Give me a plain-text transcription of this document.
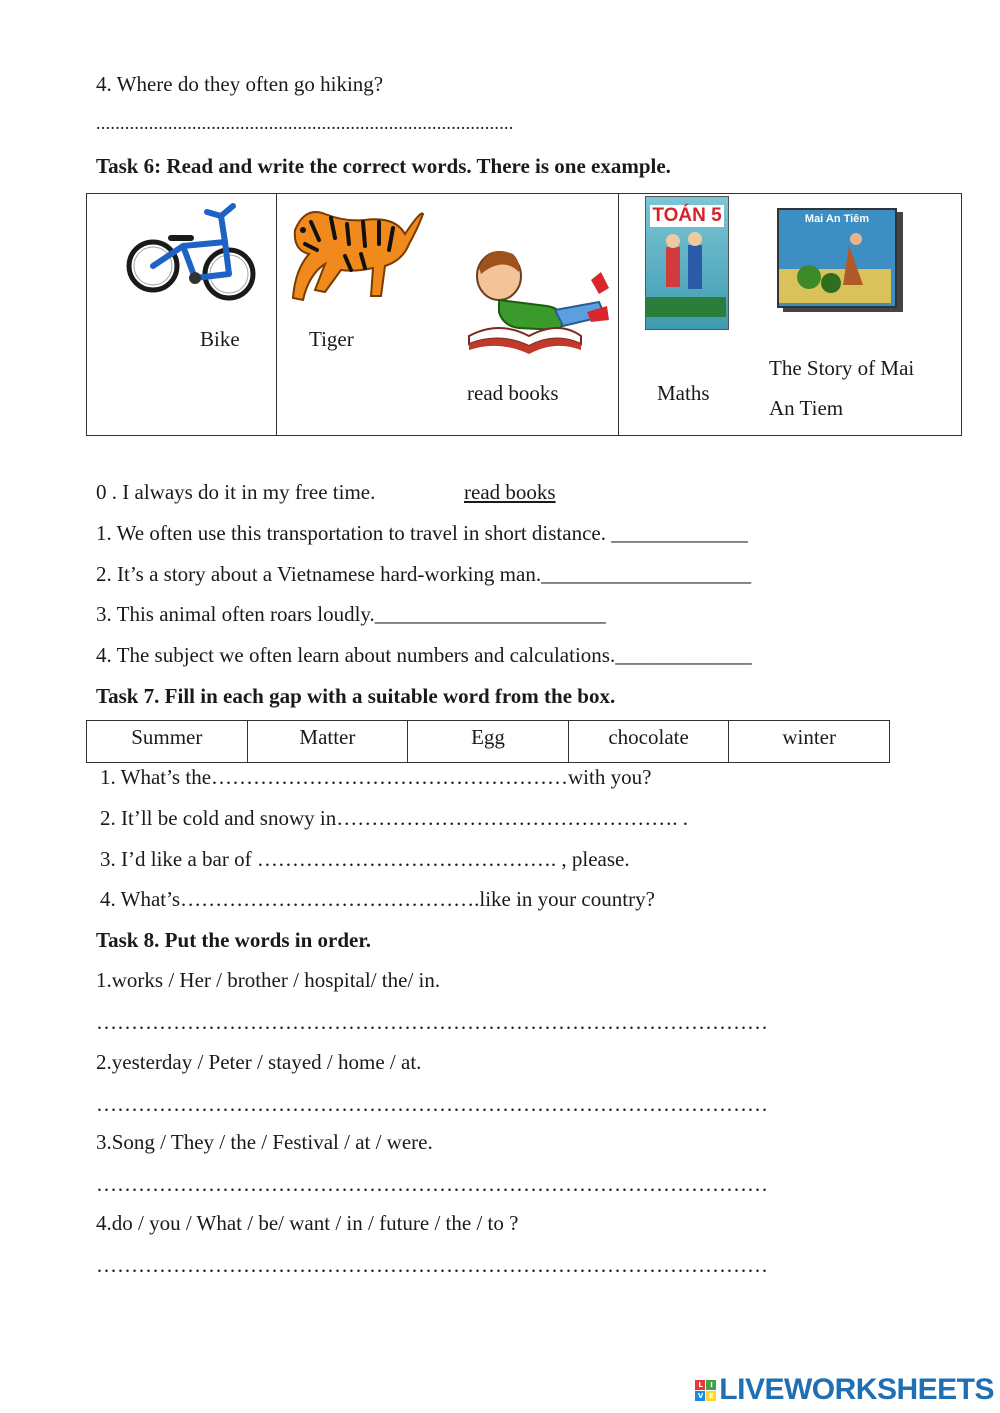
4. Where do they often go hiking?
.......................................................................................
Task 6: Read and write the correct words. There is one example.
Bike	Tiger
read books
TOÁN 5
Maths
Mai An Tiêm
The Story of Mai
An Tiem
0 . I always do it in my free time.	read books
1. We often use this transportation to travel in short distance. _____________
2. It’s a story about a Vietnamese hard-working man.____________________
3. This animal often roars loudly.______________________
4. The subject we often learn about numbers and calculations._____________
Task 7. Fill in each gap with a suitable word from the box.
Summer	Matter	Egg	chocolate	winter
1. What’s the……………………………………………with you?
2. It’ll be cold and snowy in…………………………………………. .
3. I’d like a bar of ……………………………………. , please.
4. What’s…………………………………….like in your country?
Task 8. Put the words in order.
1.works / Her / brother / hospital/ the/ in.
……………………………………………………………………………………
2.yesterday / Peter / stayed / home / at.
……………………………………………………………………………………
3.Song / They / the / Festival / at / were.
……………………………………………………………………………………
4.do / you / What / be/ want / in / future / the / to ?
……………………………………………………………………………………
L	I
V E LIVEWORKSHEETS
